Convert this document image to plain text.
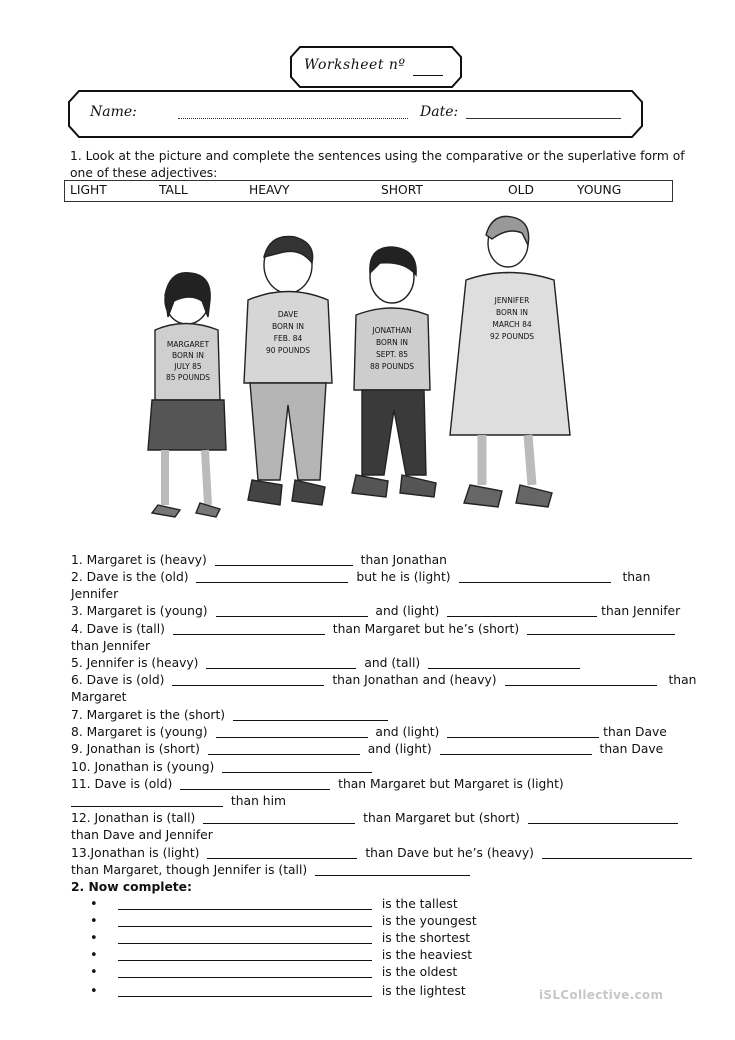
Worksheet nº
Name:	Date:
1. Look at the picture and complete the sentences using the comparative or the superlative form of
one of these adjectives:
LIGHT	TALL	HEAVY	SHORT	OLD	YOUNG
MARGARET
BORN IN
JULY 85
85 POUNDS
DAVE
BORN IN
FEB. 84
90 POUNDS
JONATHAN
BORN IN
SEPT. 85
88 POUNDS
JENNIFER
BORN IN
MARCH 84
92 POUNDS
1. Margaret is (heavy)	than Jonathan
2. Dave is the (old)	but he is (light)	than
Jennifer
3. Margaret is (young)	and (light)	than Jennifer
4. Dave is (tall)	than Margaret but he’s (short)
than Jennifer
5. Jennifer is (heavy)	and (tall)
6. Dave is (old)	than Jonathan and (heavy)	than
Margaret
7. Margaret is the (short)
8. Margaret is (young)	and (light)	than Dave
9. Jonathan is (short)	and (light)	than Dave
10. Jonathan is (young)
11. Dave is (old)	than Margaret but Margaret is (light)
than him
12. Jonathan is (tall)	than Margaret but (short)
than Dave and Jennifer
13.Jonathan is (light)	than Dave but he’s (heavy)
than Margaret, though Jennifer is (tall)
2. Now complete:
•	is the tallest
•	is the youngest
•	is the shortest
•	is the heaviest
•	is the oldest
•	is the lightest	iSLCollective.com
